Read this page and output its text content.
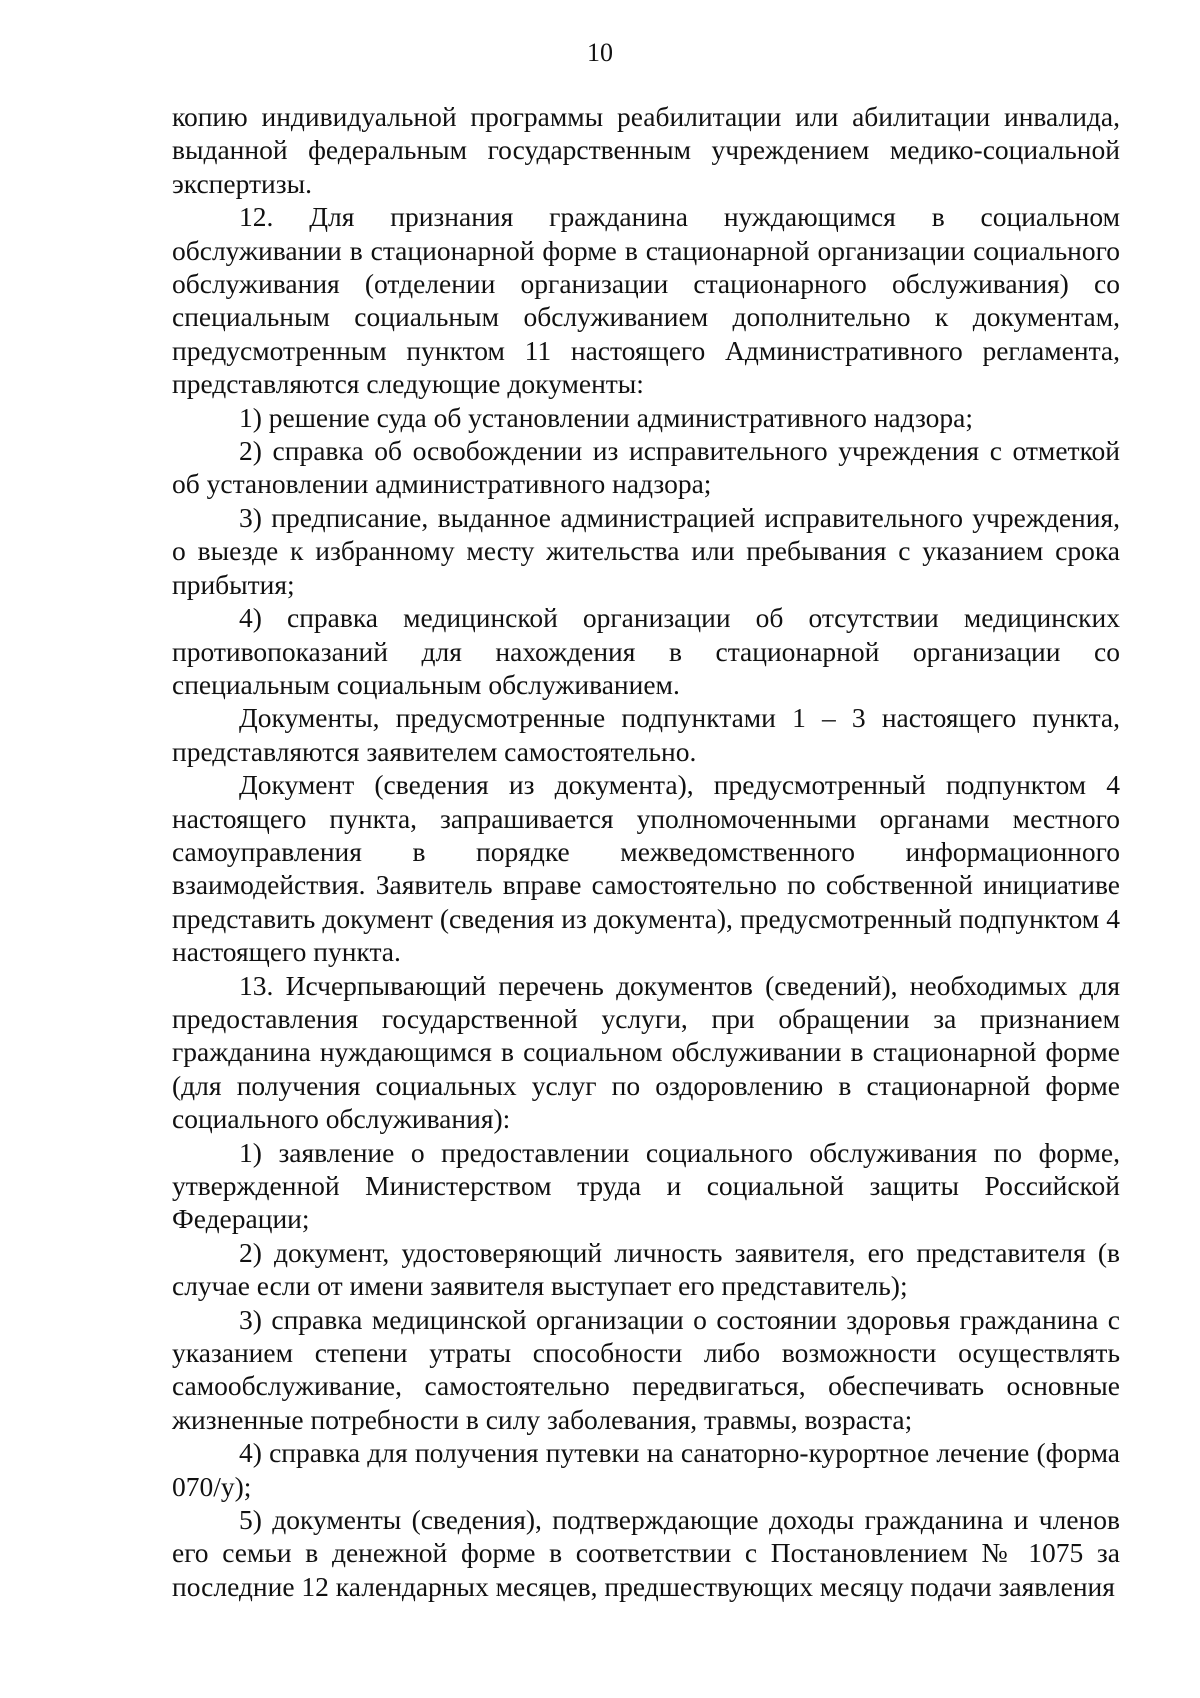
10

копию индивидуальной программы реабилитации или абилитации инвалида, выданной федеральным государственным учреждением медико-социальной экспертизы.

12. Для признания гражданина нуждающимся в социальном обслуживании в стационарной форме в стационарной организации социального обслуживания (отделении организации стационарного обслуживания) со специальным социальным обслуживанием дополнительно к документам, предусмотренным пунктом 11 настоящего Административного регламента, представляются следующие документы:

1) решение суда об установлении административного надзора;

2) справка об освобождении из исправительного учреждения с отметкой об установлении административного надзора;

3) предписание, выданное администрацией исправительного учреждения, о выезде к избранному месту жительства или пребывания с указанием срока прибытия;

4) справка медицинской организации об отсутствии медицинских противопоказаний для нахождения в стационарной организации со специальным социальным обслуживанием.

Документы, предусмотренные подпунктами 1 – 3 настоящего пункта, представляются заявителем самостоятельно.

Документ (сведения из документа), предусмотренный подпунктом 4 настоящего пункта, запрашивается уполномоченными органами местного самоуправления в порядке межведомственного информационного взаимодействия. Заявитель вправе самостоятельно по собственной инициативе представить документ (сведения из документа), предусмотренный подпунктом 4 настоящего пункта.

13. Исчерпывающий перечень документов (сведений), необходимых для предоставления государственной услуги, при обращении за признанием гражданина нуждающимся в социальном обслуживании в стационарной форме (для получения социальных услуг по оздоровлению в стационарной форме социального обслуживания):

1) заявление о предоставлении социального обслуживания по форме, утвержденной Министерством труда и социальной защиты Российской Федерации;

2) документ, удостоверяющий личность заявителя, его представителя (в случае если от имени заявителя выступает его представитель);

3) справка медицинской организации о состоянии здоровья гражданина с указанием степени утраты способности либо возможности осуществлять самообслуживание, самостоятельно передвигаться, обеспечивать основные жизненные потребности в силу заболевания, травмы, возраста;

4) справка для получения путевки на санаторно-курортное лечение (форма 070/у);

5) документы (сведения), подтверждающие доходы гражданина и членов его семьи в денежной форме в соответствии с Постановлением № 1075 за последние 12 календарных месяцев, предшествующих месяцу подачи заявления
